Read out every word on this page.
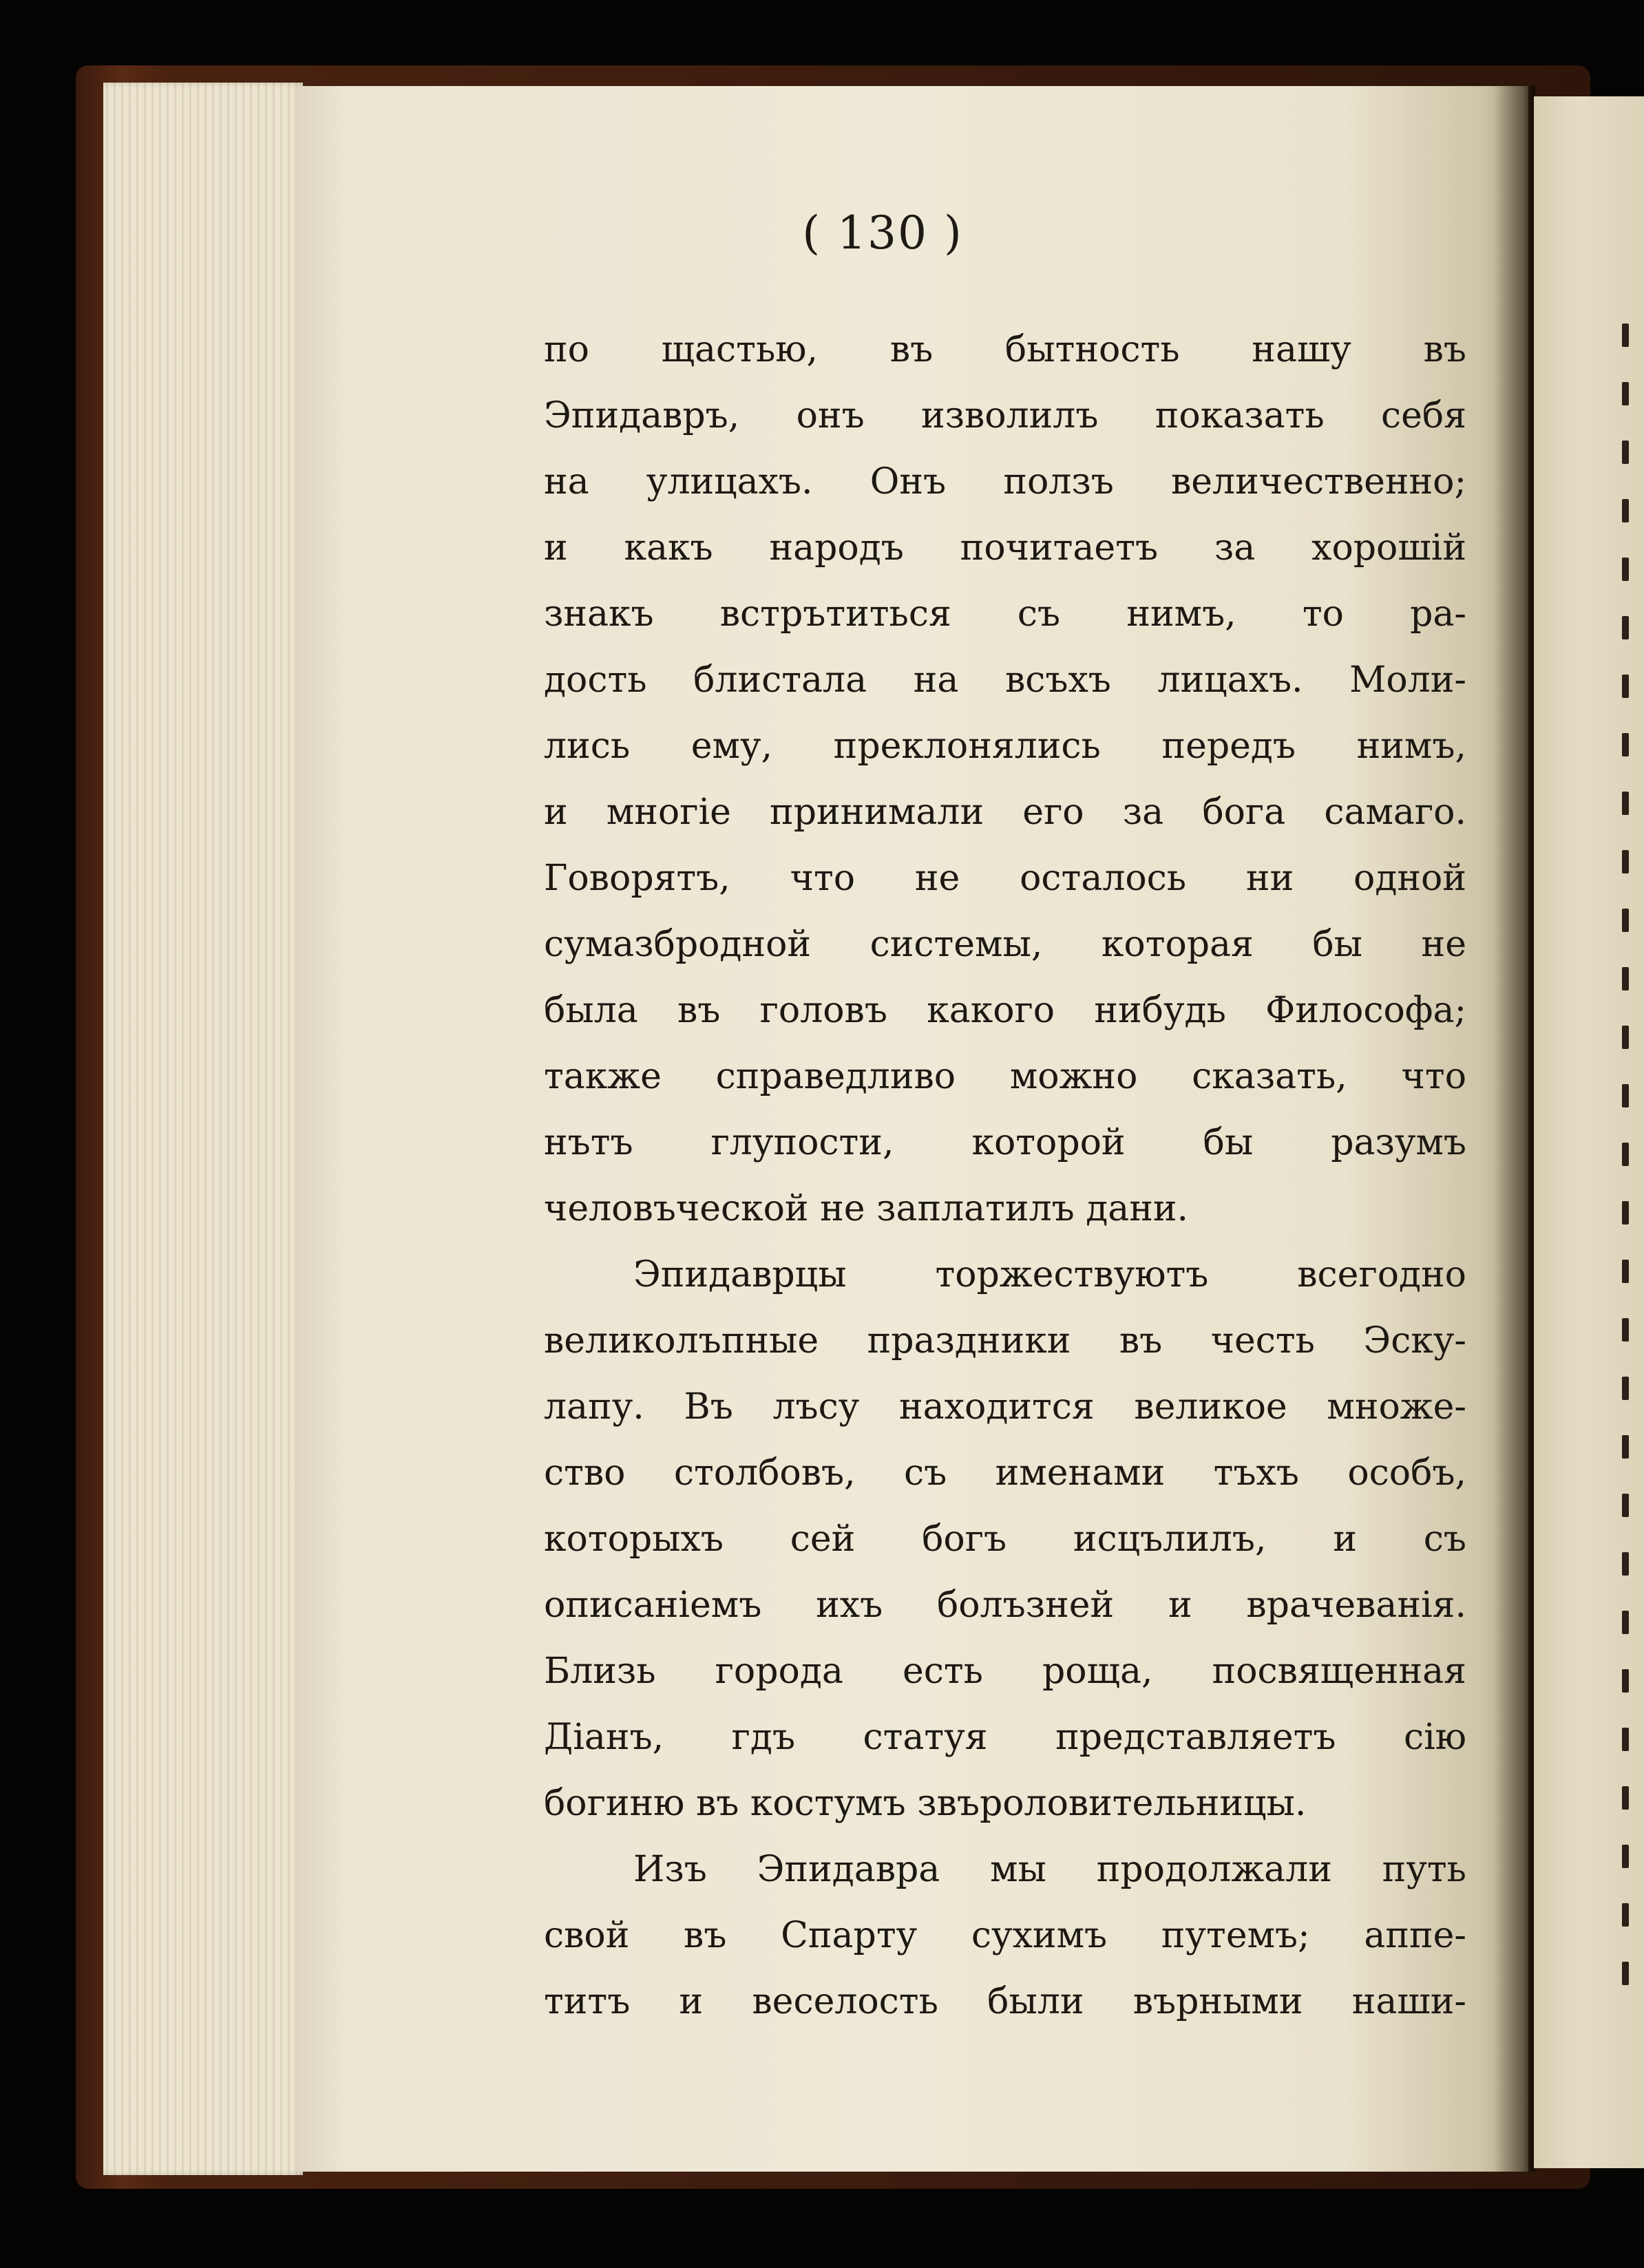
( 130 )
по щастью, въ бытность нашу въ
Эпидавръ, онъ изволилъ показать себя
на улицахъ. Онъ ползъ величественно;
и какъ народъ почитаетъ за хорошій
знакъ встрътиться съ нимъ, то ра-
дость блистала на всъхъ лицахъ. Моли-
лись ему, преклонялись передъ нимъ,
и многіе принимали его за бога самаго.
Говорятъ, что не осталось ни одной
сумазбродной системы, которая бы не
была въ головъ какого нибудь Философа;
также справедливо можно сказать, что
нътъ глупости, которой бы разумъ
человъческой не заплатилъ дани.
Эпидаврцы торжествуютъ всегодно
великолъпные праздники въ честь Эску-
лапу. Въ лъсу находится великое множе-
ство столбовъ, съ именами тъхъ особъ,
которыхъ сей богъ исцълилъ, и съ
описаніемъ ихъ болъзней и врачеванія.
Близь города есть роща, посвященная
Діанъ, гдъ статуя представляетъ сію
богиню въ костумъ звъроловительницы.
Изъ Эпидавра мы продолжали путь
свой въ Спарту сухимъ путемъ; аппе-
титъ и веселость были върными наши-
